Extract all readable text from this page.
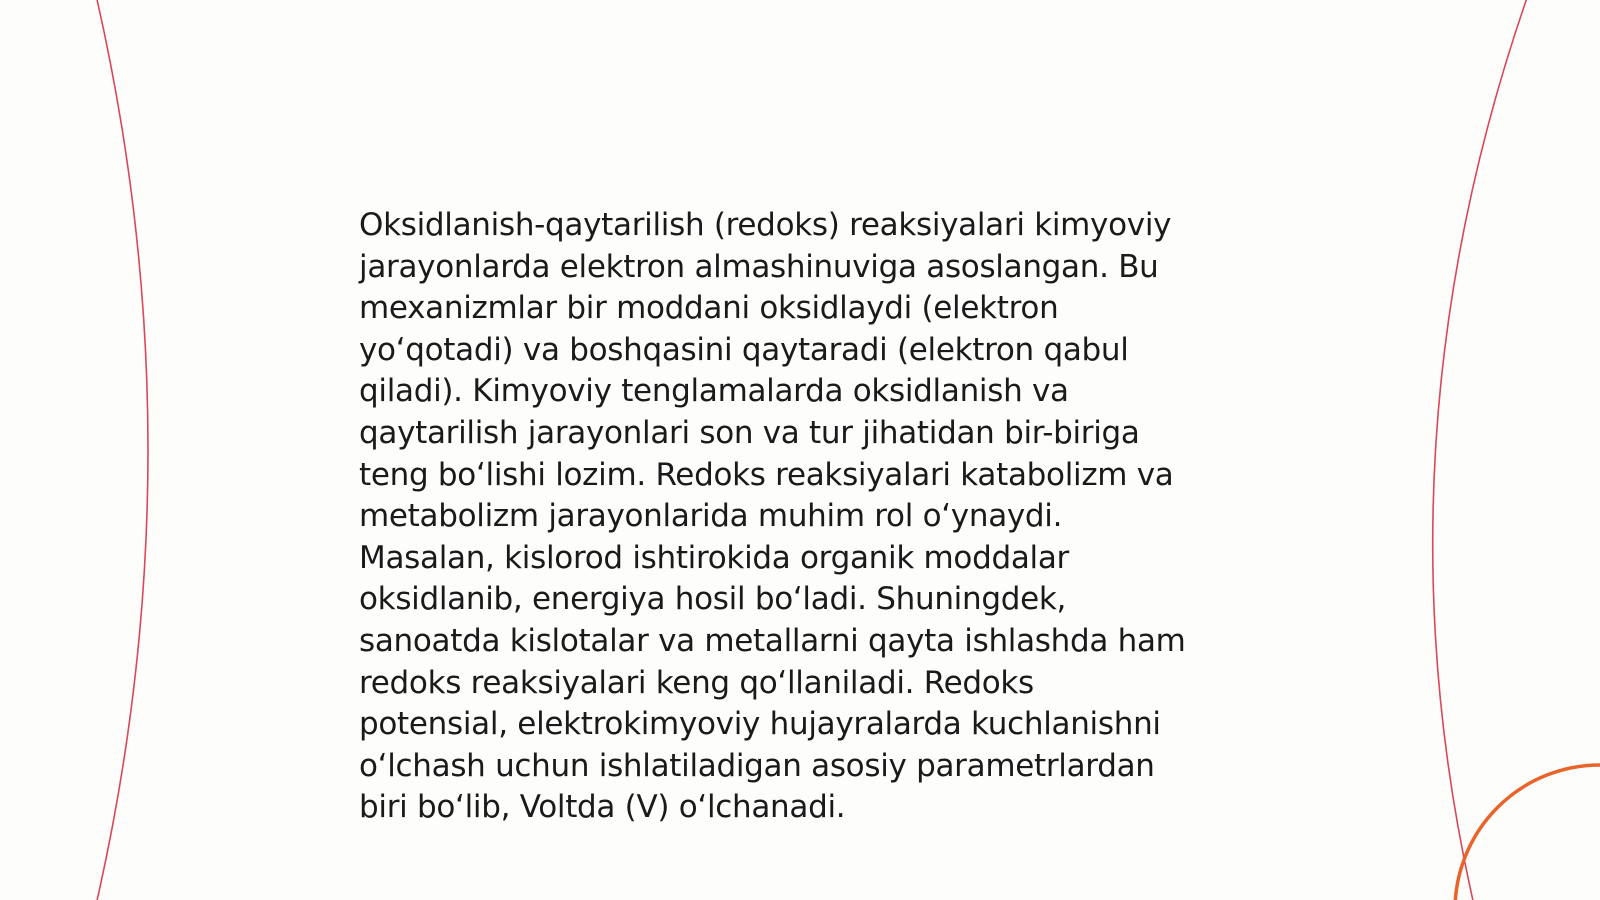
Oksidlanish-qaytarilish (redoks) reaksiyalari kimyoviy
jarayonlarda elektron almashinuviga asoslangan. Bu
mexanizmlar bir moddani oksidlaydi (elektron
yo‘qotadi) va boshqasini qaytaradi (elektron qabul
qiladi). Kimyoviy tenglamalarda oksidlanish va
qaytarilish jarayonlari son va tur jihatidan bir-biriga
teng bo‘lishi lozim. Redoks reaksiyalari katabolizm va
metabolizm jarayonlarida muhim rol o‘ynaydi.
Masalan, kislorod ishtirokida organik moddalar
oksidlanib, energiya hosil bo‘ladi. Shuningdek,
sanoatda kislotalar va metallarni qayta ishlashda ham
redoks reaksiyalari keng qo‘llaniladi. Redoks
potensial, elektrokimyoviy hujayralarda kuchlanishni
o‘lchash uchun ishlatiladigan asosiy parametrlardan
biri bo‘lib, Voltda (V) o‘lchanadi.
